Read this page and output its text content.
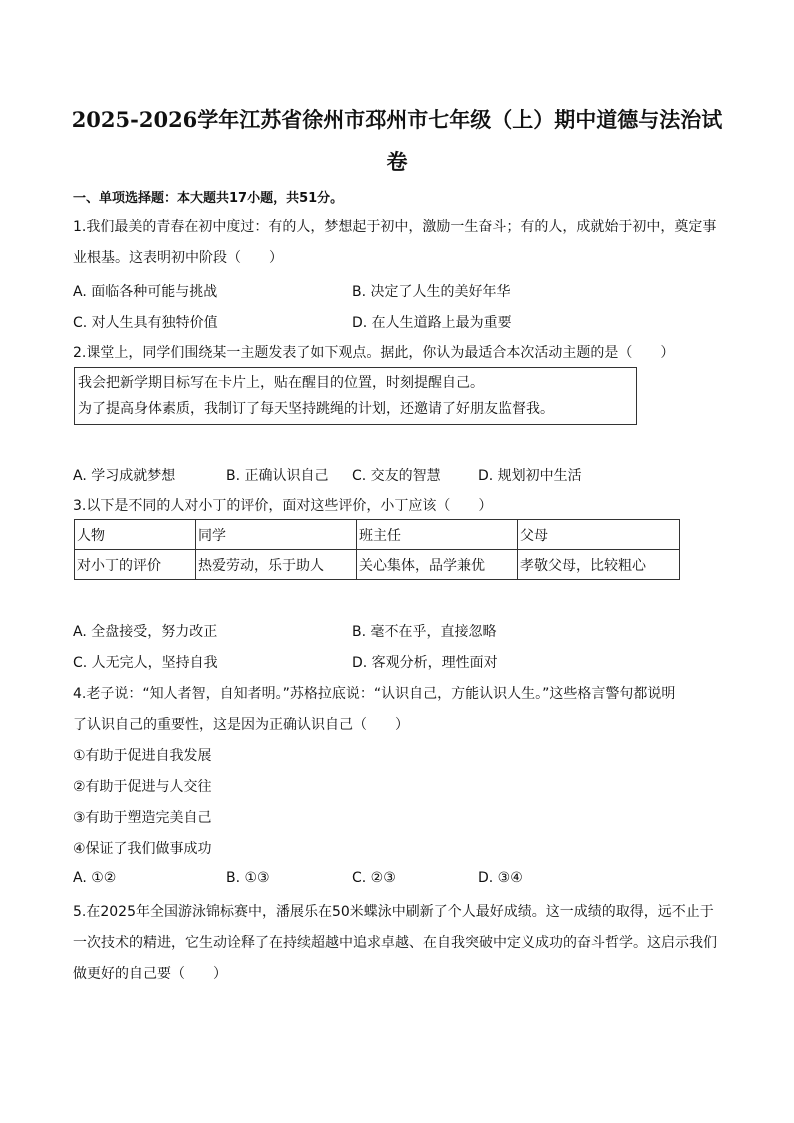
2025-2026学年江苏省徐州市邳州市七年级（上）期中道德与法治试
卷
一、单项选择题：本大题共17小题，共51分。
1.我们最美的青春在初中度过：有的人，梦想起于初中，激励一生奋斗；有的人，成就始于初中，奠定事
业根基。这表明初中阶段（　　）
A. 面临各种可能与挑战	B. 决定了人生的美好年华
C. 对人生具有独特价值	D. 在人生道路上最为重要
2.课堂上，同学们围绕某一主题发表了如下观点。据此，你认为最适合本次活动主题的是（　　）
我会把新学期目标写在卡片上，贴在醒目的位置，时刻提醒自己。
为了提高身体素质，我制订了每天坚持跳绳的计划，还邀请了好朋友监督我。
A. 学习成就梦想	B. 正确认识自己 C. 交友的智慧	D. 规划初中生活
3.以下是不同的人对小丁的评价，面对这些评价，小丁应该（　　）
人物	同学	班主任	父母
对小丁的评价	热爱劳动，乐于助人	关心集体，品学兼优	孝敬父母，比较粗心
A. 全盘接受，努力改正	B. 毫不在乎，直接忽略
C. 人无完人，坚持自我	D. 客观分析，理性面对
4.老子说：“知人者智，自知者明。”苏格拉底说：“认识自己，方能认识人生。”这些格言警句都说明
了认识自己的重要性，这是因为正确认识自己（　　）
①有助于促进自我发展
②有助于促进与人交往
③有助于塑造完美自己
④保证了我们做事成功
A. ①②	B. ①③	C. ②③	D. ③④
5.在2025年全国游泳锦标赛中，潘展乐在50米蝶泳中刷新了个人最好成绩。这一成绩的取得，远不止于
一次技术的精进，它生动诠释了在持续超越中追求卓越、在自我突破中定义成功的奋斗哲学。这启示我们
做更好的自己要（　　）
